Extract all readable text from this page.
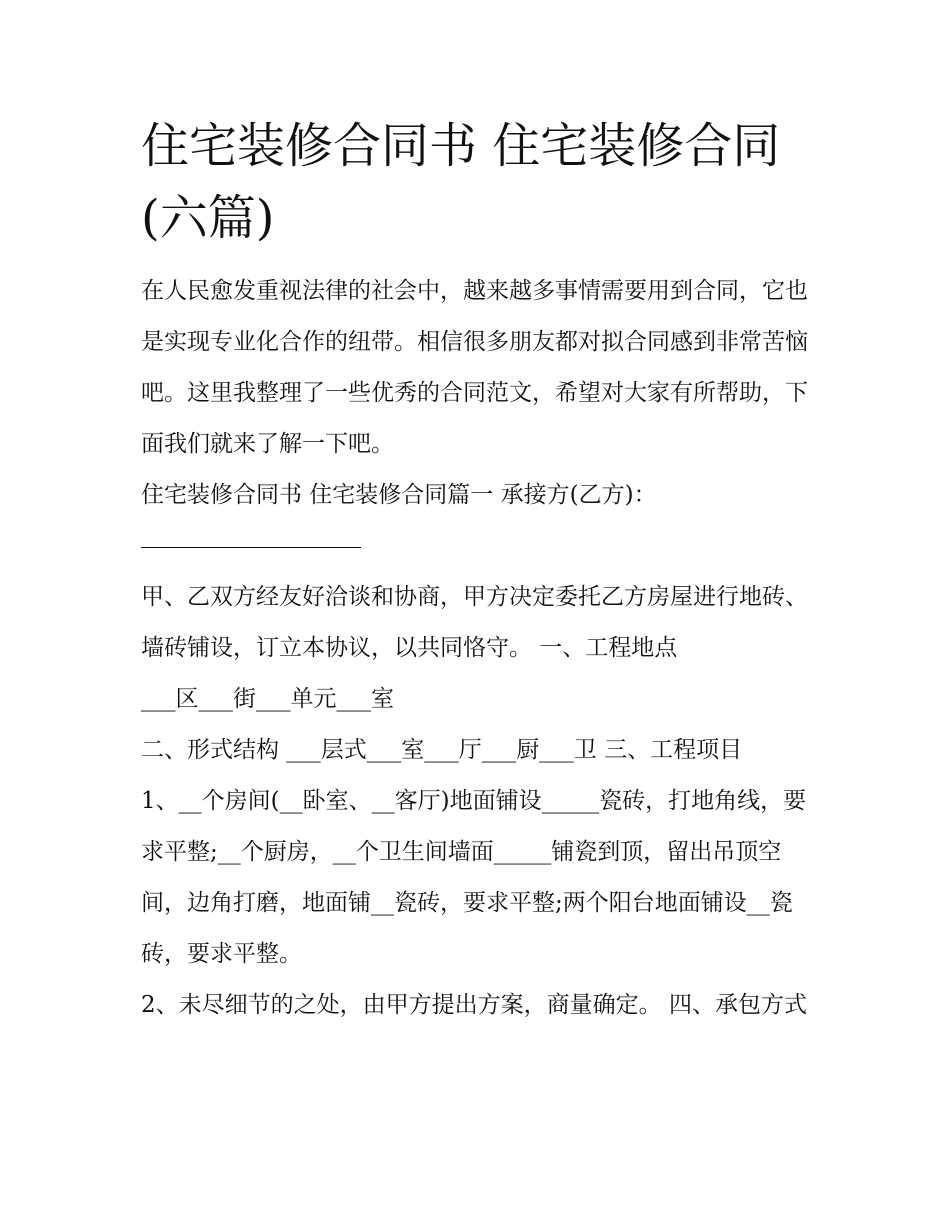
住宅装修合同书 住宅装修合同(六篇)

在人民愈发重视法律的社会中，越来越多事情需要用到合同，它也是实现专业化合作的纽带。相信很多朋友都对拟合同感到非常苦恼吧。这里我整理了一些优秀的合同范文，希望对大家有所帮助，下面我们就来了解一下吧。

住宅装修合同书 住宅装修合同篇一 承接方(乙方)：

甲、乙双方经友好洽谈和协商，甲方决定委托乙方房屋进行地砖、墙砖铺设，订立本协议，以共同恪守。 一、工程地点

___区___街___单元___室

二、形式结构 ___层式___室___厅___厨___卫 三、工程项目

1、__个房间(__卧室、__客厅)地面铺设_____瓷砖，打地角线，要求平整;__个厨房，__个卫生间墙面_____铺瓷到顶，留出吊顶空间，边角打磨，地面铺__瓷砖，要求平整;两个阳台地面铺设__瓷砖，要求平整。

2、未尽细节的之处，由甲方提出方案，商量确定。 四、承包方式
